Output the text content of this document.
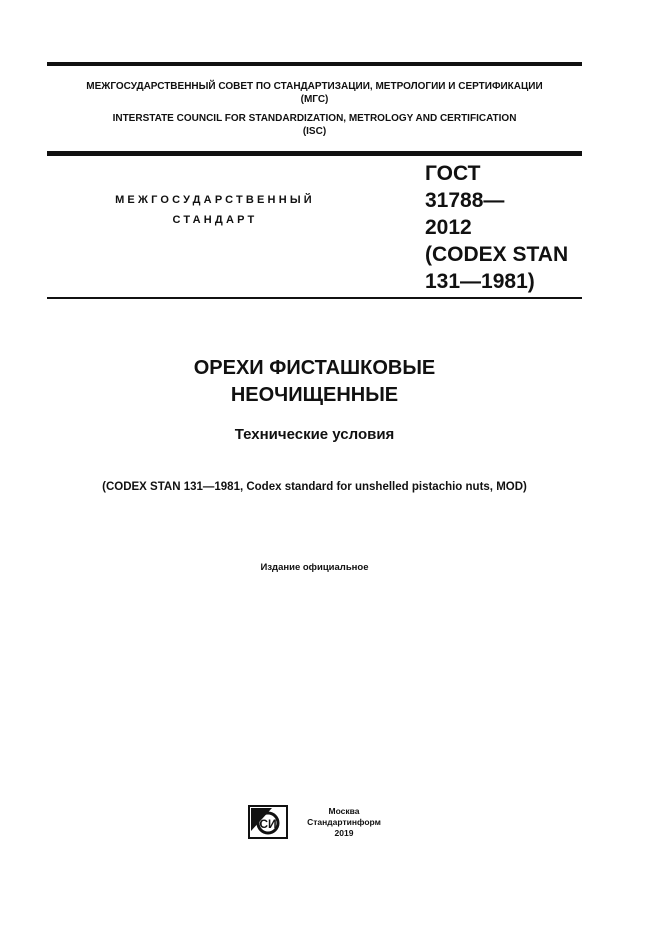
МЕЖГОСУДАРСТВЕННЫЙ СОВЕТ ПО СТАНДАРТИЗАЦИИ, МЕТРОЛОГИИ И СЕРТИФИКАЦИИ
(МГС)
INTERSTATE COUNCIL FOR STANDARDIZATION, METROLOGY AND CERTIFICATION
(ISC)
МЕЖГОСУДАРСТВЕННЫЙ
СТАНДАРТ
ГОСТ
31788—
2012
(CODEX STAN
131—1981)
ОРЕХИ ФИСТАШКОВЫЕ
НЕОЧИЩЕННЫЕ
Технические условия
(CODEX STAN 131—1981, Codex standard for unshelled pistachio nuts, MOD)
Издание официальное
СИ
Москва
Стандартинформ
2019
